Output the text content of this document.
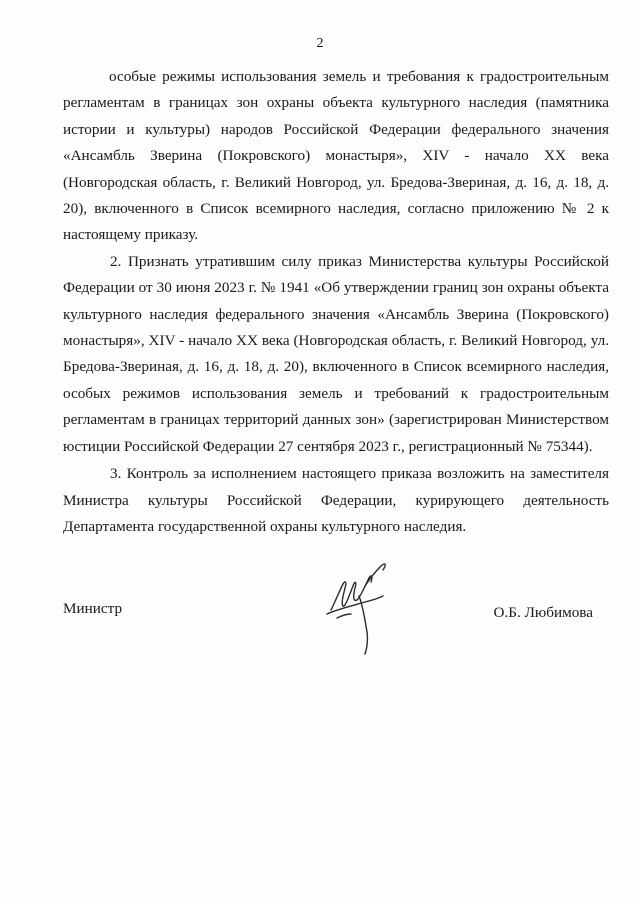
2

особые режимы использования земель и требования к градостроительным регламентам в границах зон охраны объекта культурного наследия (памятника истории и культуры) народов Российской Федерации федерального значения «Ансамбль Зверина (Покровского) монастыря», XIV - начало XX века (Новгородская область, г. Великий Новгород, ул. Бредова-Звериная, д. 16, д. 18, д. 20), включенного в Список всемирного наследия, согласно приложению № 2 к настоящему приказу.

2. Признать утратившим силу приказ Министерства культуры Российской Федерации от 30 июня 2023 г. № 1941 «Об утверждении границ зон охраны объекта культурного наследия федерального значения «Ансамбль Зверина (Покровского) монастыря», XIV - начало XX века (Новгородская область, г. Великий Новгород, ул. Бредова-Звериная, д. 16, д. 18, д. 20), включенного в Список всемирного наследия, особых режимов использования земель и требований к градостроительным регламентам в границах территорий данных зон» (зарегистрирован Министерством юстиции Российской Федерации 27 сентября 2023 г., регистрационный № 75344).

3. Контроль за исполнением настоящего приказа возложить на заместителя Министра культуры Российской Федерации, курирующего деятельность Департамента государственной охраны культурного наследия.

Министр	О.Б. Любимова
